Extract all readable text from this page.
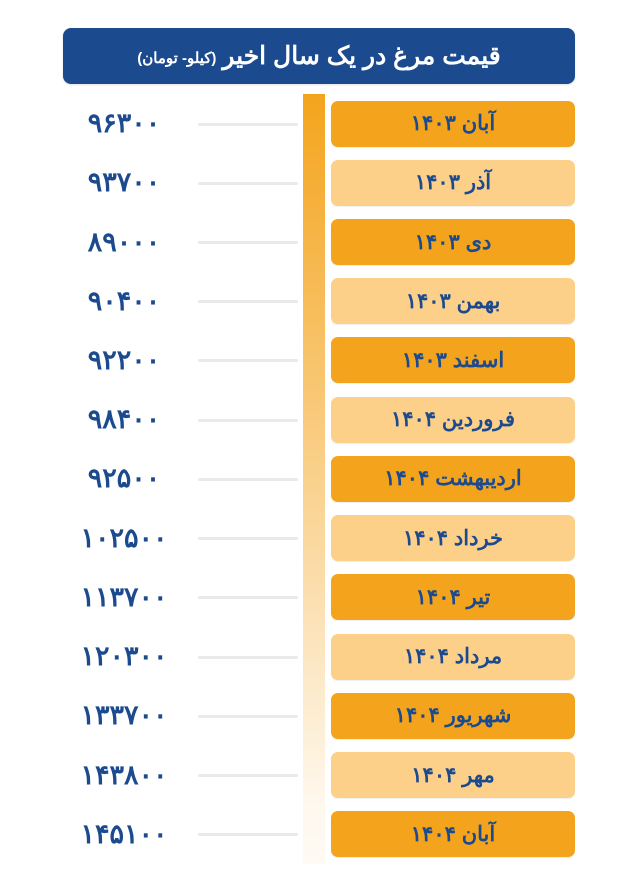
قیمت مرغ در یک سال اخیر
(کیلو- تومان)
آبان ۱۴۰۳
۹۶۳۰۰
آذر ۱۴۰۳
۹۳۷۰۰
دی ۱۴۰۳
۸۹۰۰۰
بهمن ۱۴۰۳
۹۰۴۰۰
اسفند ۱۴۰۳
۹۲۲۰۰
فروردین ۱۴۰۴
۹۸۴۰۰
اردیبهشت ۱۴۰۴
۹۲۵۰۰
خرداد ۱۴۰۴
۱۰۲۵۰۰
تیر ۱۴۰۴
۱۱۳۷۰۰
مرداد ۱۴۰۴
۱۲۰۳۰۰
شهریور ۱۴۰۴
۱۳۳۷۰۰
مهر ۱۴۰۴
۱۴۳۸۰۰
آبان ۱۴۰۴
۱۴۵۱۰۰
